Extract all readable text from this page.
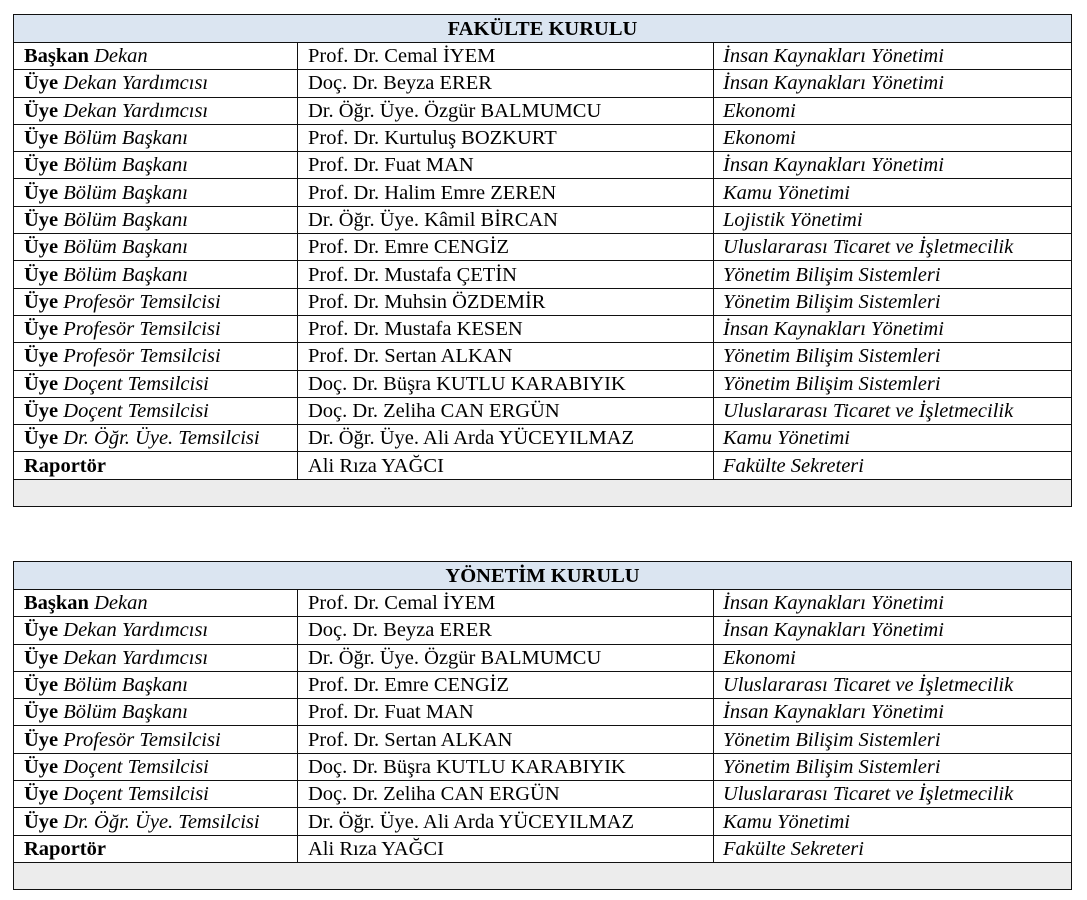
FAKÜLTE KURULU		
Başkan Dekan	Prof. Dr. Cemal İYEM	İnsan Kaynakları Yönetimi
Üye Dekan Yardımcısı	Doç. Dr. Beyza ERER	İnsan Kaynakları Yönetimi
Üye Dekan Yardımcısı	Dr. Öğr. Üye. Özgür BALMUMCU	Ekonomi
Üye Bölüm Başkanı	Prof. Dr. Kurtuluş BOZKURT	Ekonomi
Üye Bölüm Başkanı	Prof. Dr. Fuat MAN	İnsan Kaynakları Yönetimi
Üye Bölüm Başkanı	Prof. Dr. Halim Emre ZEREN	Kamu Yönetimi
Üye Bölüm Başkanı	Dr. Öğr. Üye. Kâmil BİRCAN	Lojistik Yönetimi
Üye Bölüm Başkanı	Prof. Dr. Emre CENGİZ	Uluslararası Ticaret ve İşletmecilik
Üye Bölüm Başkanı	Prof. Dr. Mustafa ÇETİN	Yönetim Bilişim Sistemleri
Üye Profesör Temsilcisi	Prof. Dr. Muhsin ÖZDEMİR	Yönetim Bilişim Sistemleri
Üye Profesör Temsilcisi	Prof. Dr. Mustafa KESEN	İnsan Kaynakları Yönetimi
Üye Profesör Temsilcisi	Prof. Dr. Sertan ALKAN	Yönetim Bilişim Sistemleri
Üye Doçent Temsilcisi	Doç. Dr. Büşra KUTLU KARABIYIK	Yönetim Bilişim Sistemleri
Üye Doçent Temsilcisi	Doç. Dr. Zeliha CAN ERGÜN	Uluslararası Ticaret ve İşletmecilik
Üye Dr. Öğr. Üye. Temsilcisi	Dr. Öğr. Üye. Ali Arda YÜCEYILMAZ	Kamu Yönetimi
Raportör	Ali Rıza YAĞCI	Fakülte Sekreteri

YÖNETİM KURULU		
Başkan Dekan	Prof. Dr. Cemal İYEM	İnsan Kaynakları Yönetimi
Üye Dekan Yardımcısı	Doç. Dr. Beyza ERER	İnsan Kaynakları Yönetimi
Üye Dekan Yardımcısı	Dr. Öğr. Üye. Özgür BALMUMCU	Ekonomi
Üye Bölüm Başkanı	Prof. Dr. Emre CENGİZ	Uluslararası Ticaret ve İşletmecilik
Üye Bölüm Başkanı	Prof. Dr. Fuat MAN	İnsan Kaynakları Yönetimi
Üye Profesör Temsilcisi	Prof. Dr. Sertan ALKAN	Yönetim Bilişim Sistemleri
Üye Doçent Temsilcisi	Doç. Dr. Büşra KUTLU KARABIYIK	Yönetim Bilişim Sistemleri
Üye Doçent Temsilcisi	Doç. Dr. Zeliha CAN ERGÜN	Uluslararası Ticaret ve İşletmecilik
Üye Dr. Öğr. Üye. Temsilcisi	Dr. Öğr. Üye. Ali Arda YÜCEYILMAZ	Kamu Yönetimi
Raportör	Ali Rıza YAĞCI	Fakülte Sekreteri
